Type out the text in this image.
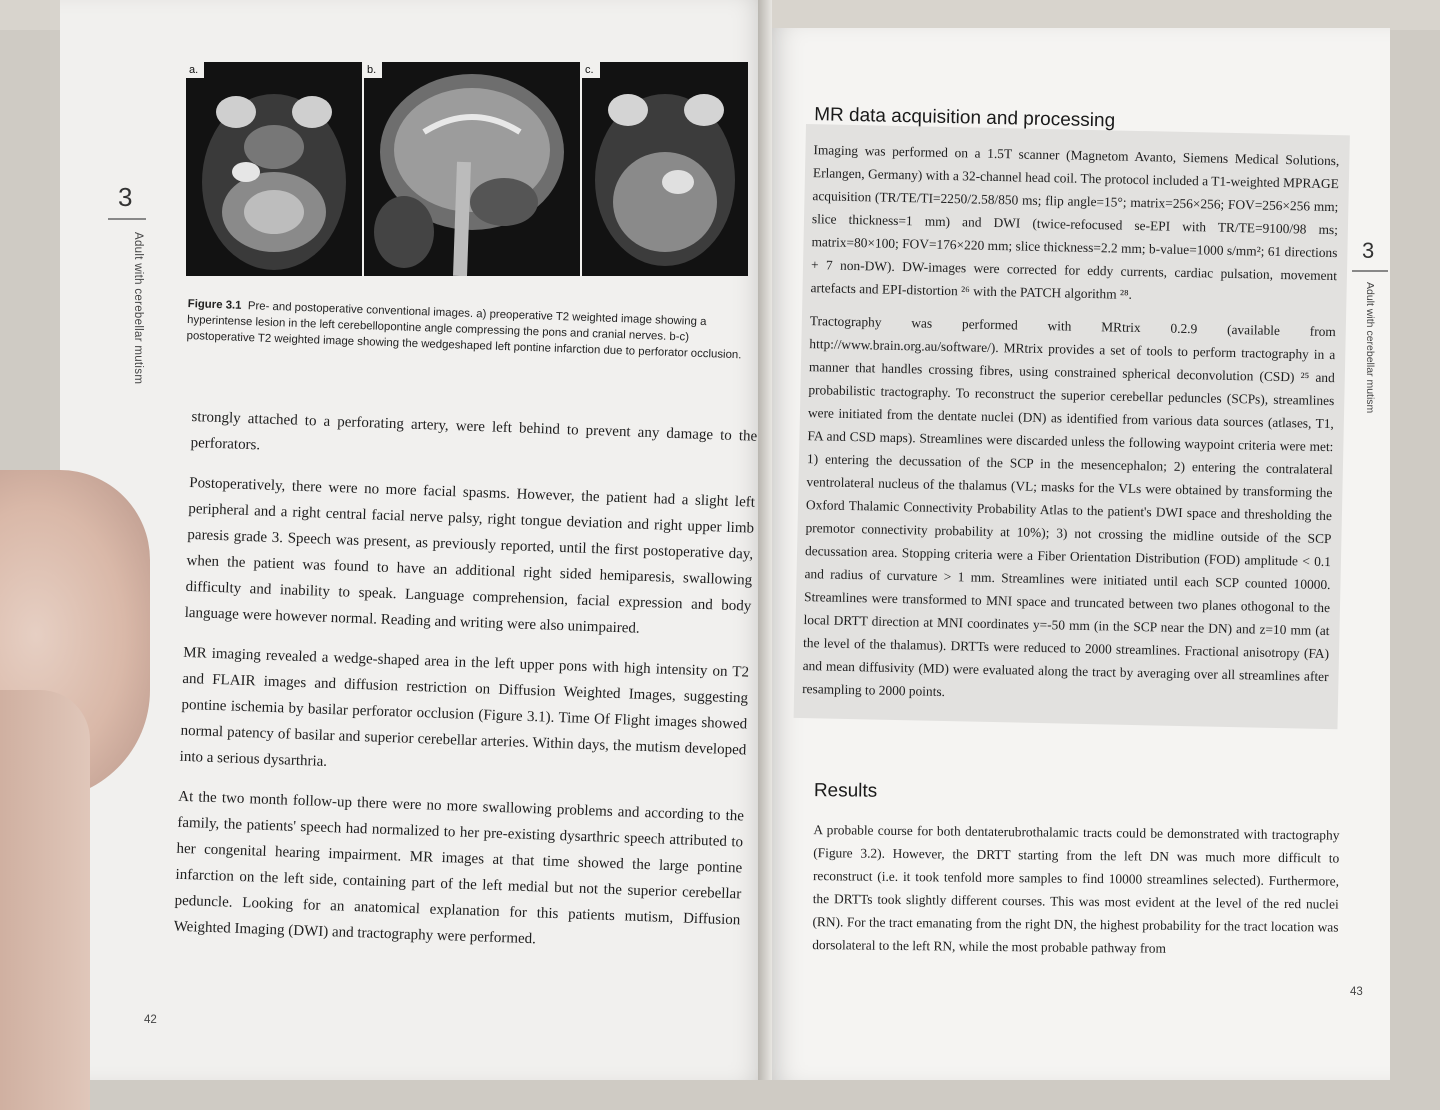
a.	b.	c.
Figure 3.1 Pre- and postoperative conventional images. a) preoperative T2 weighted image showing a hyperintense lesion in the left cerebellopontine angle compressing the pons and cranial nerves. b-c) postoperative T2 weighted image showing the wedgeshaped left pontine infarction due to perforator occlusion.
3
Adult with cerebellar mutism

strongly attached to a perforating artery, were left behind to prevent any damage to the perforators.

Postoperatively, there were no more facial spasms. However, the patient had a slight left peripheral and a right central facial nerve palsy, right tongue deviation and right upper limb paresis grade 3. Speech was present, as previously reported, until the first postoperative day, when the patient was found to have an additional right sided hemiparesis, swallowing difficulty and inability to speak. Language comprehension, facial expression and body language were however normal. Reading and writing were also unimpaired.

MR imaging revealed a wedge-shaped area in the left upper pons with high intensity on T2 and FLAIR images and diffusion restriction on Diffusion Weighted Images, suggesting pontine ischemia by basilar perforator occlusion (Figure 3.1). Time Of Flight images showed normal patency of basilar and superior cerebellar arteries. Within days, the mutism developed into a serious dysarthria.

At the two month follow-up there were no more swallowing problems and according to the family, the patients' speech had normalized to her pre-existing dysarthric speech attributed to her congenital hearing impairment. MR images at that time showed the large pontine infarction on the left side, containing part of the left medial but not the superior cerebellar peduncle. Looking for an anatomical explanation for this patients mutism, Diffusion Weighted Imaging (DWI) and tractography were performed.

42
MR data acquisition and processing

Imaging was performed on a 1.5T scanner (Magnetom Avanto, Siemens Medical Solutions, Erlangen, Germany) with a 32-channel head coil. The protocol included a T1-weighted MPRAGE acquisition (TR/TE/TI=2250/2.58/850 ms; flip angle=15°; matrix=256×256; FOV=256×256 mm; slice thickness=1 mm) and DWI (twice-refocused se-EPI with TR/TE=9100/98 ms; matrix=80×100; FOV=176×220 mm; slice thickness=2.2 mm; b-value=1000 s/mm²; 61 directions + 7 non-DW). DW-images were corrected for eddy currents, cardiac pulsation, movement artefacts and EPI-distortion ²⁶ with the PATCH algorithm ²⁸.

Tractography was performed with MRtrix 0.2.9 (available from http://www.brain.org.au/software/). MRtrix provides a set of tools to perform tractography in a manner that handles crossing fibres, using constrained spherical deconvolution (CSD) ²⁵ and probabilistic tractography. To reconstruct the superior cerebellar peduncles (SCPs), streamlines were initiated from the dentate nuclei (DN) as identified from various data sources (atlases, T1, FA and CSD maps). Streamlines were discarded unless the following waypoint criteria were met: 1) entering the decussation of the SCP in the mesencephalon; 2) entering the contralateral ventrolateral nucleus of the thalamus (VL; masks for the VLs were obtained by transforming the Oxford Thalamic Connectivity Probability Atlas to the patient's DWI space and thresholding the premotor connectivity probability at 10%); 3) not crossing the midline outside of the SCP decussation area. Stopping criteria were a Fiber Orientation Distribution (FOD) amplitude < 0.1 and radius of curvature > 1 mm. Streamlines were initiated until each SCP counted 10000. Streamlines were transformed to MNI space and truncated between two planes othogonal to the local DRTT direction at MNI coordinates y=-50 mm (in the SCP near the DN) and z=10 mm (at the level of the thalamus). DRTTs were reduced to 2000 streamlines. Fractional anisotropy (FA) and mean diffusivity (MD) were evaluated along the tract by averaging over all streamlines after resampling to 2000 points.

Results

A probable course for both dentaterubrothalamic tracts could be demonstrated with tractography (Figure 3.2). However, the DRTT starting from the left DN was much more difficult to reconstruct (i.e. it took tenfold more samples to find 10000 streamlines selected). Furthermore, the DRTTs took slightly different courses. This was most evident at the level of the red nuclei (RN). For the tract emanating from the right DN, the highest probability for the tract location was dorsolateral to the left RN, while the most probable pathway from

3
Adult with cerebellar mutism
43
